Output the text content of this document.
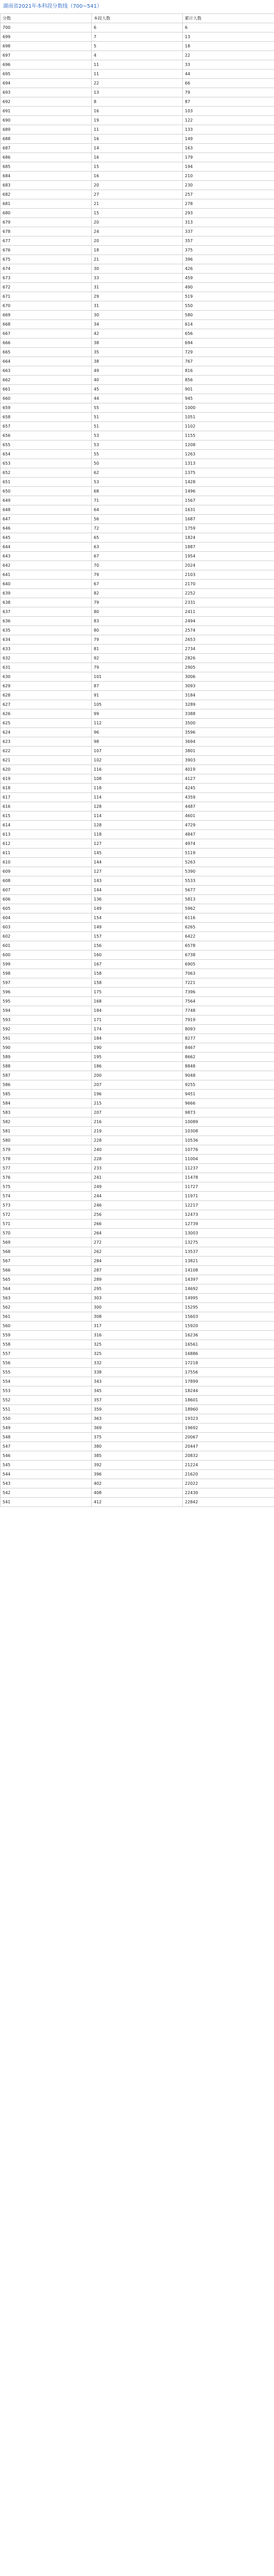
湖南省2021年本科段分数线（700~541）
分数	本段人数	累计人数
700	6	6
699	7	13
698	5	18
697	4	22
696	11	33
695	11	44
694	22	66
693	13	79
692	8	87
691	16	103
690	19	122
689	11	133
688	16	149
687	14	163
686	16	179
685	15	194
684	16	210
683	20	230
682	27	257
681	21	278
680	15	293
679	20	313
678	24	337
677	20	357
676	18	375
675	21	396
674	30	426
673	33	459
672	31	490
671	29	519
670	31	550
669	30	580
668	34	614
667	42	656
666	38	694
665	35	729
664	38	767
663	49	816
662	40	856
661	45	901
660	44	945
659	55	1000
658	51	1051
657	51	1102
656	53	1155
655	53	1208
654	55	1263
653	50	1313
652	62	1375
651	53	1428
650	68	1496
649	71	1567
648	64	1631
647	56	1687
646	72	1759
645	65	1824
644	63	1887
643	67	1954
642	70	2024
641	79	2103
640	67	2170
639	82	2252
638	79	2331
637	80	2411
636	83	2494
635	80	2574
634	79	2653
633	81	2734
632	92	2826
631	79	2905
630	101	3006
629	87	3093
628	91	3184
627	105	3289
626	99	3388
625	112	3500
624	96	3596
623	98	3694
622	107	3801
621	102	3903
620	116	4019
619	108	4127
618	118	4245
617	114	4359
616	128	4487
615	114	4601
614	128	4729
613	118	4847
612	127	4974
611	145	5119
610	144	5263
609	127	5390
608	143	5533
607	144	5677
606	136	5813
605	149	5962
604	154	6116
603	149	6265
602	157	6422
601	156	6578
600	160	6738
599	167	6905
598	158	7063
597	158	7221
596	175	7396
595	168	7564
594	184	7748
593	171	7919
592	174	8093
591	184	8277
590	190	8467
589	195	8662
588	186	8848
587	200	9048
586	207	9255
585	196	9451
584	215	9666
583	207	9873
582	216	10089
581	219	10308
580	228	10536
579	240	10776
578	228	11004
577	233	11237
576	241	11478
575	249	11727
574	244	11971
573	246	12217
572	256	12473
571	266	12739
570	264	13003
569	272	13275
568	262	13537
567	284	13821
566	287	14108
565	289	14397
564	295	14692
563	303	14995
562	300	15295
561	308	15603
560	317	15920
559	316	16236
558	325	16561
557	325	16886
556	332	17218
555	338	17556
554	343	17899
553	345	18244
552	357	18601
551	359	18960
550	363	19323
549	369	19692
548	375	20067
547	380	20447
546	385	20832
545	392	21224
544	396	21620
543	402	22022
542	408	22430
541	412	22842
